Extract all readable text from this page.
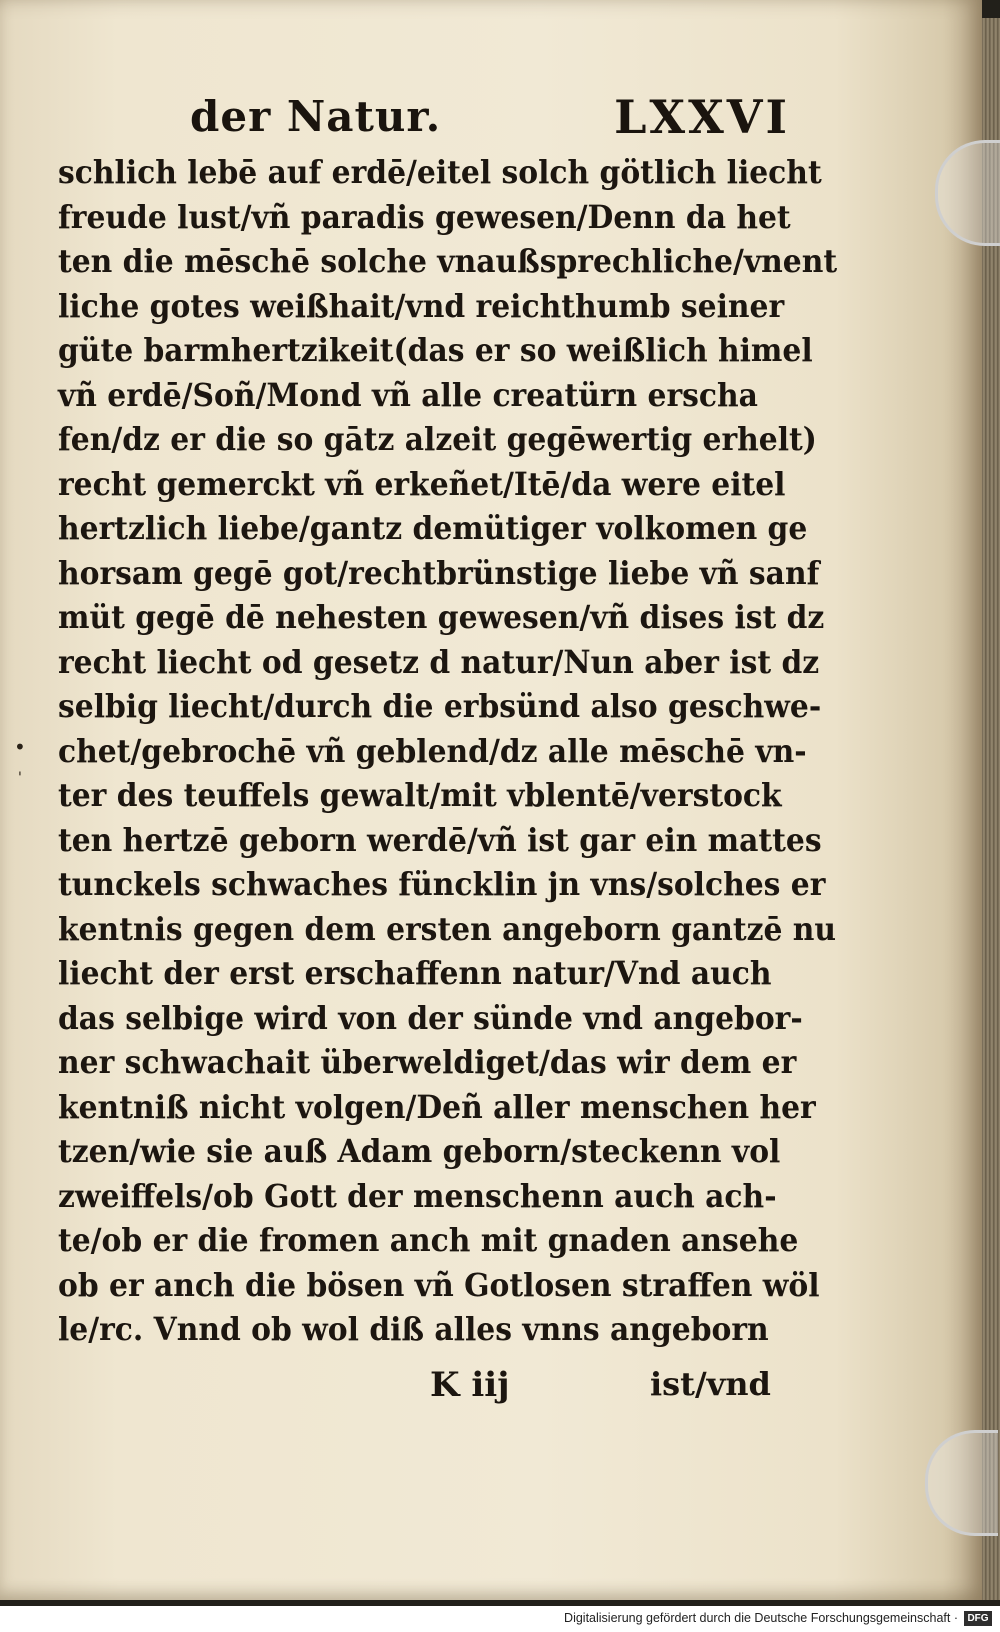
der Natur.	LXXVI
schlich lebē auf erdē/eitel solch götlich liecht
freude lust/vñ paradis gewesen/Denn da het
ten die mēschē solche vnaußsprechliche/vnent
liche gotes weißhait/vnd reichthumb seiner
güte barmhertzikeit(das er so weißlich himel
vñ erdē/Soñ/Mond vñ alle creatürn erscha
fen/dz er die so gātz alzeit gegēwertig erhelt)
recht gemerckt vñ erkeñet/Itē/da were eitel
hertzlich liebe/gantz demütiger volkomen ge
horsam gegē got/rechtbrünstige liebe vñ sanf
müt gegē dē nehesten gewesen/vñ dises ist dz
recht liecht od gesetz d natur/Nun aber ist dz
selbig liecht/durch die erbsünd also geschwe-
chet/gebrochē vñ geblend/dz alle mēschē vn-
ter des teuffels gewalt/mit vblentē/verstock
ten hertzē geborn werdē/vñ ist gar ein mattes
tunckels schwaches füncklin jn vns/solches er
kentnis gegen dem ersten angeborn gantzē nu
liecht der erst erschaffenn natur/Vnd auch
das selbige wird von der sünde vnd angebor-
ner schwachait überweldiget/das wir dem er
kentniß nicht volgen/Deñ aller menschen her
tzen/wie sie auß Adam geborn/steckenn vol
zweiffels/ob Gott der menschenn auch ach-
te/ob er die fromen anch mit gnaden ansehe
ob er anch die bösen vñ Gotlosen straffen wöl
le/rc. Vnnd ob wol diß alles vnns angeborn
K iij	ist/vnd
•
'
Digitalisierung gefördert durch die Deutsche Forschungsgemeinschaft · DFG
